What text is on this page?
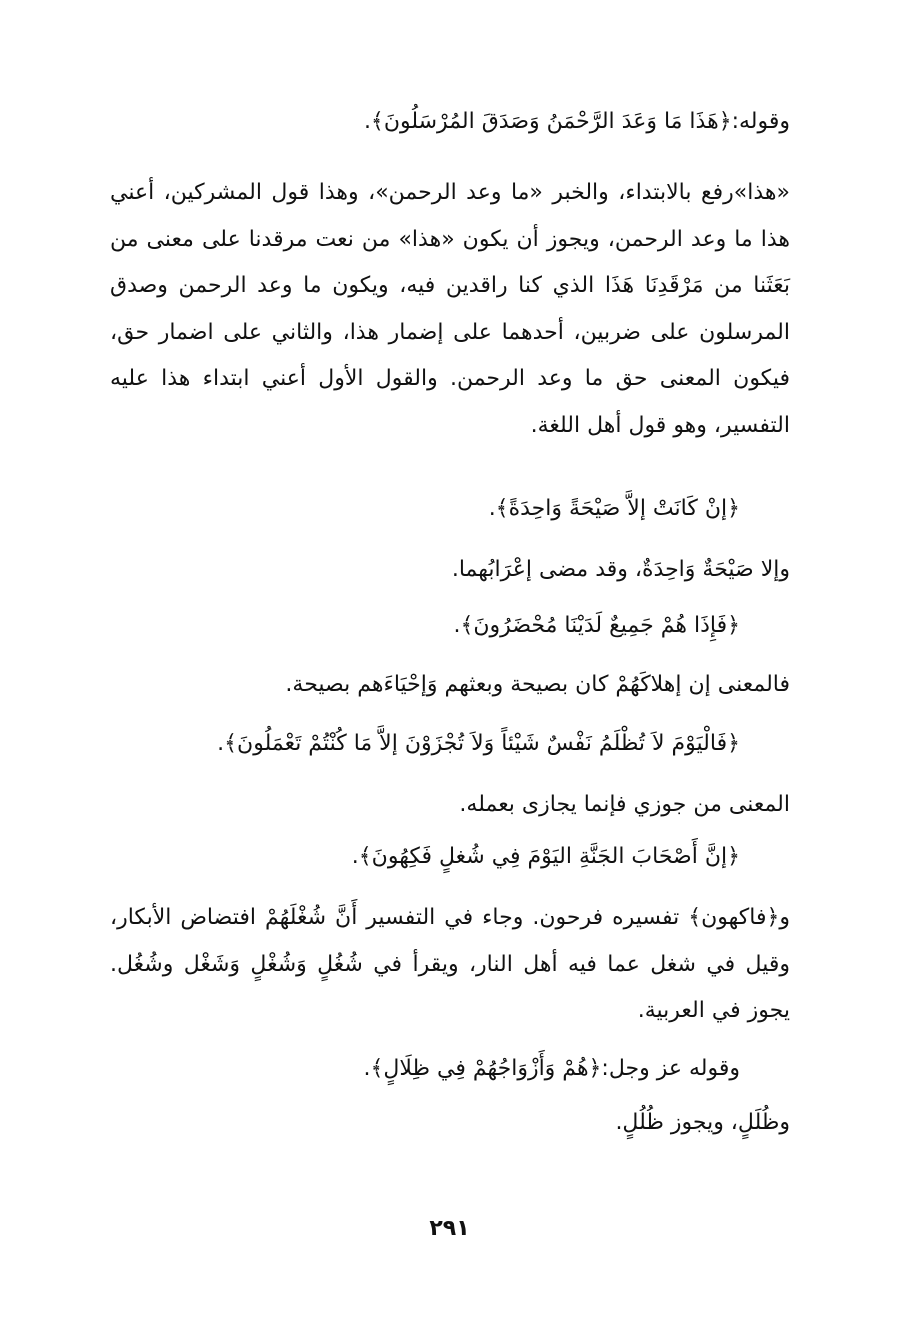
وقوله:﴿هَذَا مَا وَعَدَ الرَّحْمَنُ وَصَدَقَ المُرْسَلُونَ﴾.
«هذا»رفع بالابتداء، والخبر «ما وعد الرحمن»، وهذا قول المشركين، أعني هذا ما وعد الرحمن، ويجوز أن يكون «هذا» من نعت مرقدنا على معنى من بَعَثَنا من مَرْقَدِنَا هَذَا الذي كنا راقدين فيه، ويكون ما وعد الرحمن وصدق المرسلون على ضربين، أحدهما على إضمار هذا، والثاني على اضمار حق، فيكون المعنى حق ما وعد الرحمن. والقول الأول أعني ابتداء هذا عليه التفسير، وهو قول أهل اللغة.
﴿إنْ كَانَتْ إلاَّ صَيْحَةً وَاحِدَةً﴾.
وإلا صَيْحَةٌ وَاحِدَةٌ، وقد مضى إعْرَابُهما.
﴿فَإِذَا هُمْ جَمِيعٌ لَدَيْنَا مُحْضَرُونَ﴾.
فالمعنى إن إهلاكَهُمْ كان بصيحة وبعثهم وَإحْيَاءَهم بصيحة.
﴿فَالْيَوْمَ لاَ تُظْلَمُ نَفْسٌ شَيْئاً وَلاَ تُجْزَوْنَ إلاَّ مَا كُنْتُمْ تَعْمَلُونَ﴾.
المعنى من جوزي فإنما يجازى بعمله.
﴿إنَّ أَصْحَابَ الجَنَّةِ اليَوْمَ فِي شُغلٍ فَكِهُونَ﴾.
و﴿فاكهون﴾ تفسيره فرحون. وجاء في التفسير أَنَّ شُغْلَهُمْ افتضاض الأبكار، وقيل في شغل عما فيه أهل النار، ويقرأ في شُغُلٍ وَشُغْلٍ وَشَغْل وشُغُل. يجوز في العربية.
وقوله عز وجل:﴿هُمْ وَأَزْوَاجُهُمْ فِي ظِلَالٍ﴾.
وظُلَلٍ، ويجوز ظُلُلٍ.
٢٩١
